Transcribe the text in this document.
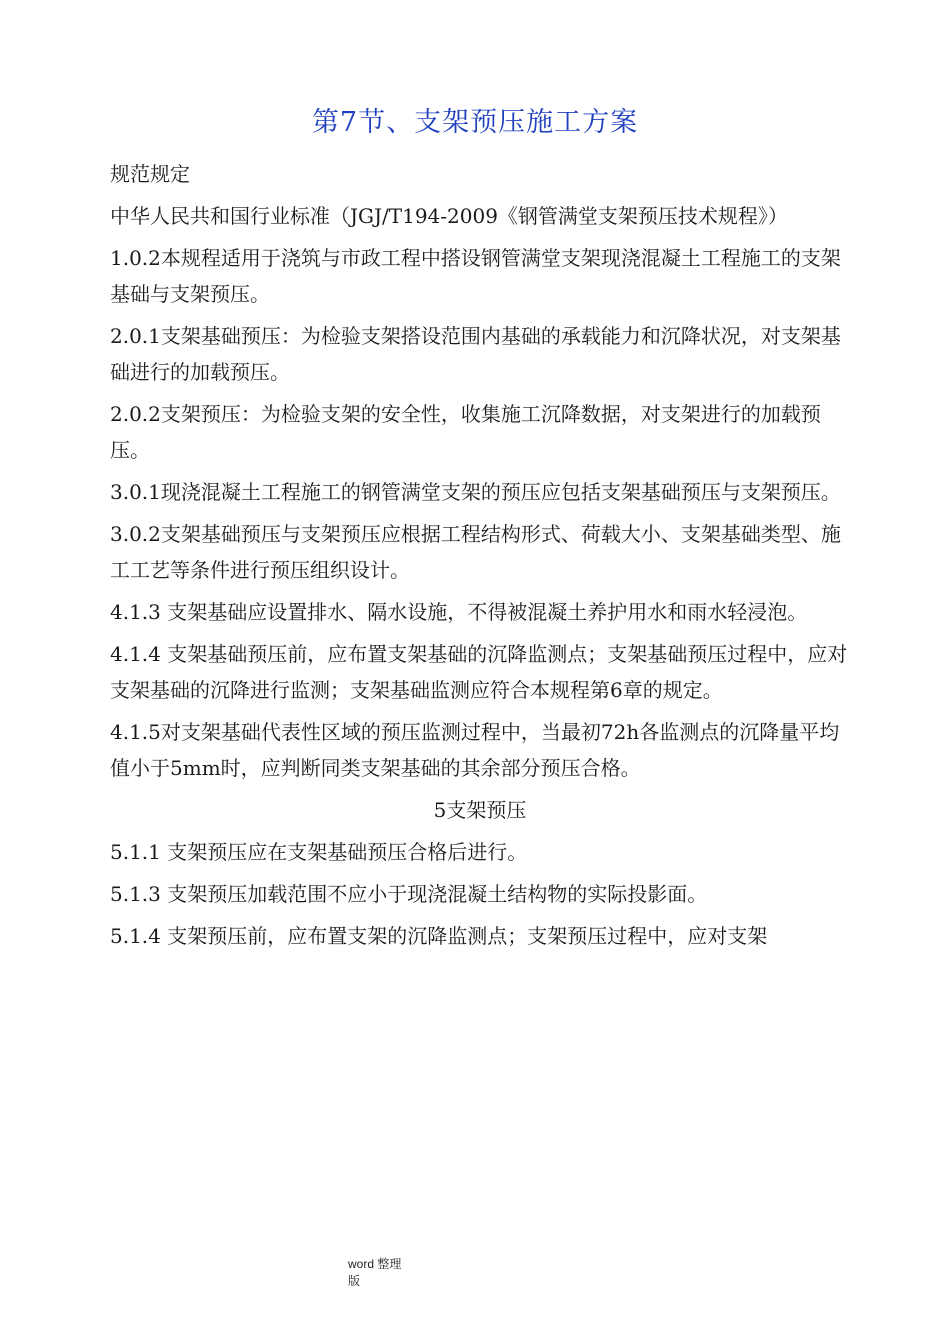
第7节、支架预压施工方案

规范规定

中华人民共和国行业标准（JGJ/T194-2009《钢管满堂支架预压技术规程》）

1.0.2本规程适用于浇筑与市政工程中搭设钢管满堂支架现浇混凝土工程施工的支架基础与支架预压。

2.0.1支架基础预压：为检验支架搭设范围内基础的承载能力和沉降状况，对支架基础进行的加载预压。

2.0.2支架预压：为检验支架的安全性，收集施工沉降数据，对支架进行的加载预压。

3.0.1现浇混凝土工程施工的钢管满堂支架的预压应包括支架基础预压与支架预压。

3.0.2支架基础预压与支架预压应根据工程结构形式、荷载大小、支架基础类型、施工工艺等条件进行预压组织设计。

4.1.3 支架基础应设置排水、隔水设施，不得被混凝土养护用水和雨水轻浸泡。

4.1.4 支架基础预压前，应布置支架基础的沉降监测点；支架基础预压过程中，应对支架基础的沉降进行监测；支架基础监测应符合本规程第6章的规定。

4.1.5对支架基础代表性区域的预压监测过程中，当最初72h各监测点的沉降量平均值小于5mm时，应判断同类支架基础的其余部分预压合格。

5支架预压

5.1.1 支架预压应在支架基础预压合格后进行。

5.1.3 支架预压加载范围不应小于现浇混凝土结构物的实际投影面。

5.1.4 支架预压前，应布置支架的沉降监测点；支架预压过程中，应对支架

word 整理
版
